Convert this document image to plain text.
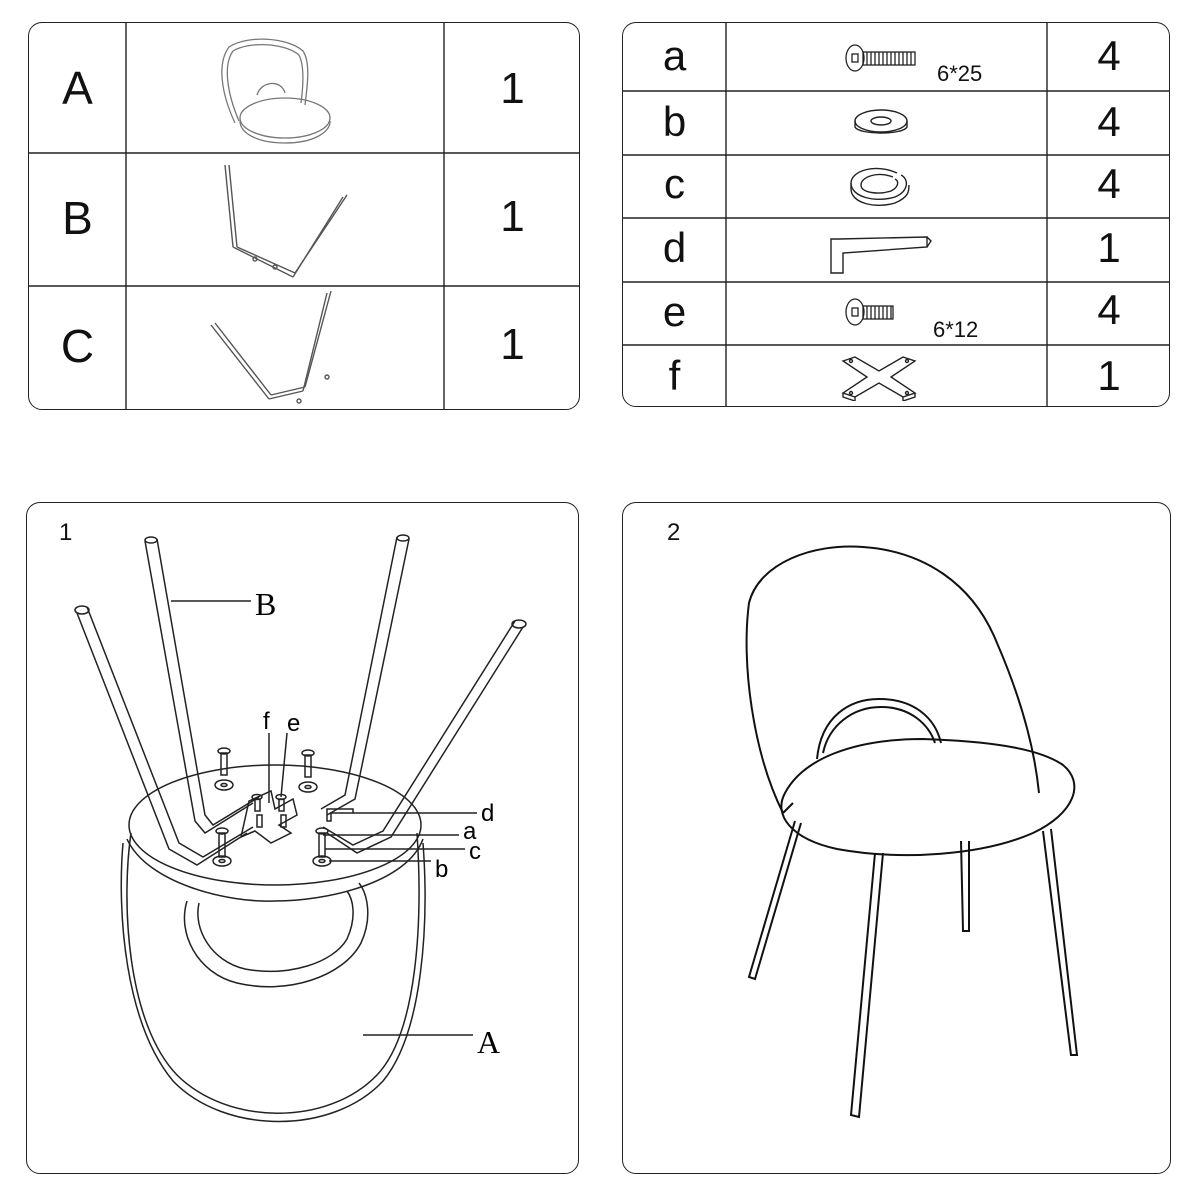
A
B
C
1
1
1
a
b
c
d
e
f
4
4
4
1
4
1
6*25
6*12
1
B
f e
d
a
c
b
A
2
